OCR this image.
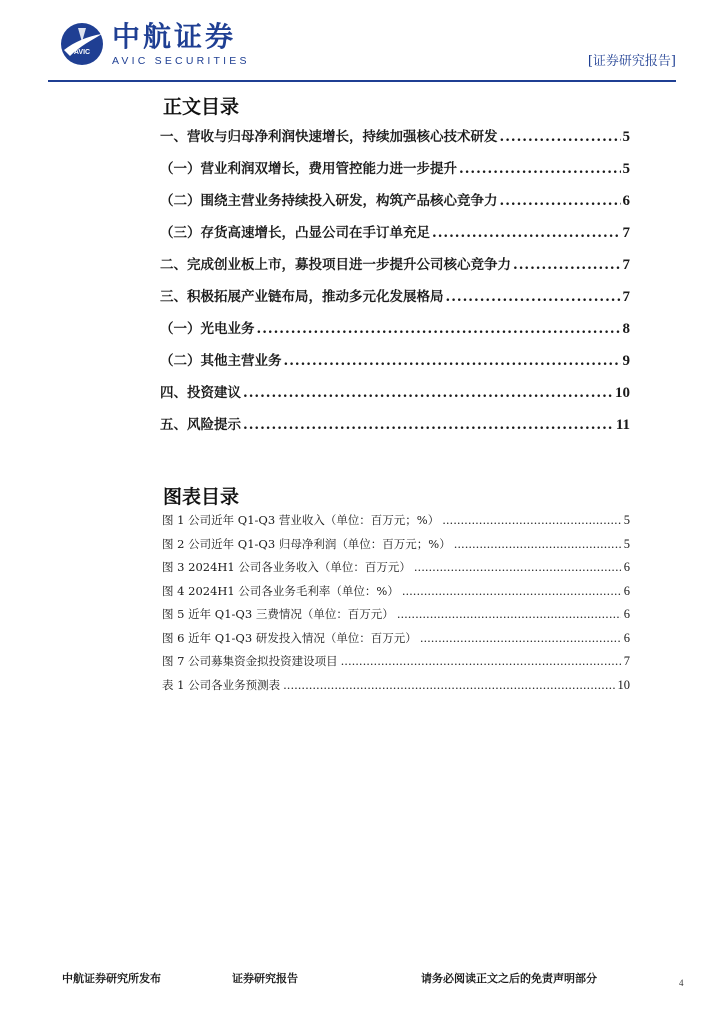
AVIC 中航证券
AVIC SECURITIES	[证券研究报告]
正文目录
一、营收与归母净利润快速增长，持续加强核心技术研发 .....	5
（一）营业利润双增长，费用管控能力进一步提升 .....	5
（二）围绕主营业务持续投入研发，构筑产品核心竞争力 .....	6
（三）存货高速增长，凸显公司在手订单充足 .....	7
二、完成创业板上市，募投项目进一步提升公司核心竞争力 .....	7
三、积极拓展产业链布局，推动多元化发展格局 .....	7
（一）光电业务 .....	8
（二）其他主营业务 .....	9
四、投资建议 .....	10
五、风险提示 .....	11
图表目录
图 1 公司近年 Q1-Q3 营业收入（单位：百万元；%） .....	5
图 2 公司近年 Q1-Q3 归母净利润（单位：百万元；%） .....	5
图 3 2024H1 公司各业务收入（单位：百万元） .....	6
图 4 2024H1 公司各业务毛利率（单位：%） .....	6
图 5 近年 Q1-Q3 三费情况（单位：百万元） .....	6
图 6 近年 Q1-Q3 研发投入情况（单位：百万元） .....	6
图 7 公司募集资金拟投资建设项目 .....	7
表 1 公司各业务预测表 .....	10
中航证券研究所发布	证券研究报告	请务必阅读正文之后的免责声明部分	4
